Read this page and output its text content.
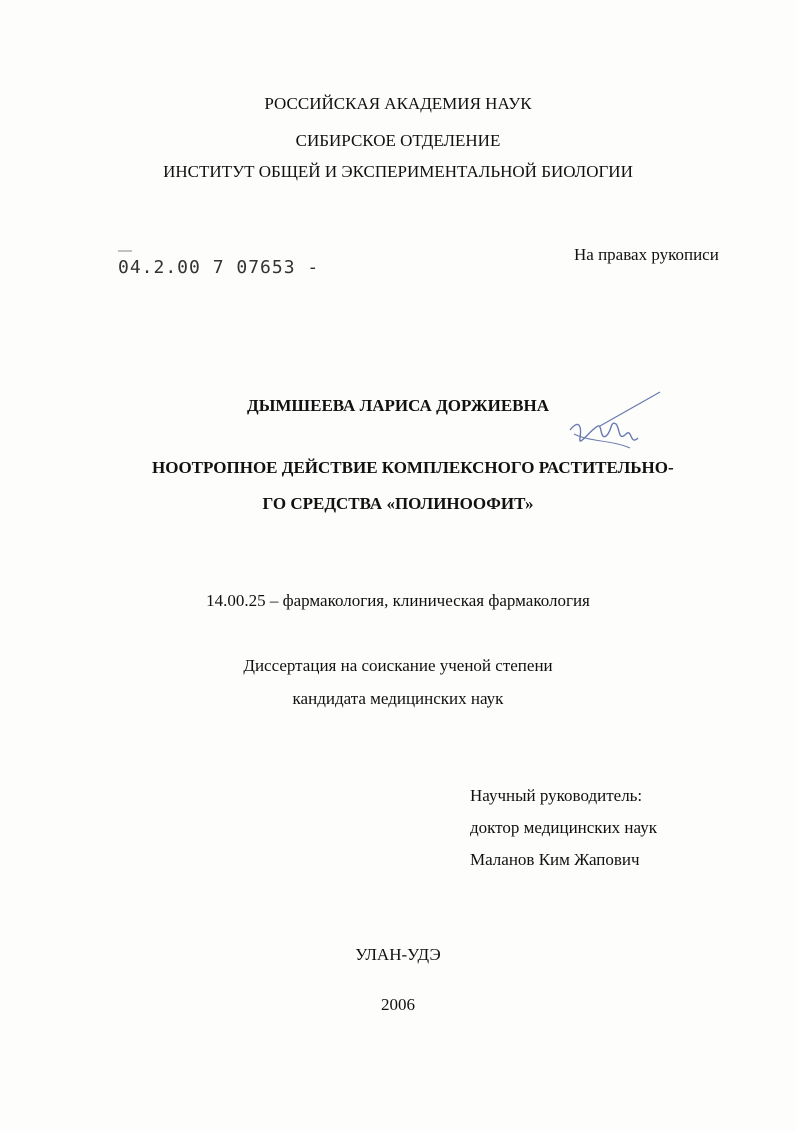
РОССИЙСКАЯ АКАДЕМИЯ НАУК
СИБИРСКОЕ ОТДЕЛЕНИЕ
ИНСТИТУТ ОБЩЕЙ И ЭКСПЕРИМЕНТАЛЬНОЙ БИОЛОГИИ
04.2.00 7 07653 -
На правах рукописи
ДЫМШЕЕВА ЛАРИСА ДОРЖИЕВНА
НООТРОПНОЕ ДЕЙСТВИЕ КОМПЛЕКСНОГО РАСТИТЕЛЬНО-
ГО СРЕДСТВА «ПОЛИНООФИТ»
14.00.25 – фармакология, клиническая фармакология
Диссертация на соискание ученой степени
кандидата медицинских наук
Научный руководитель:
доктор медицинских наук
Маланов Ким Жапович
УЛАН-УДЭ
2006
